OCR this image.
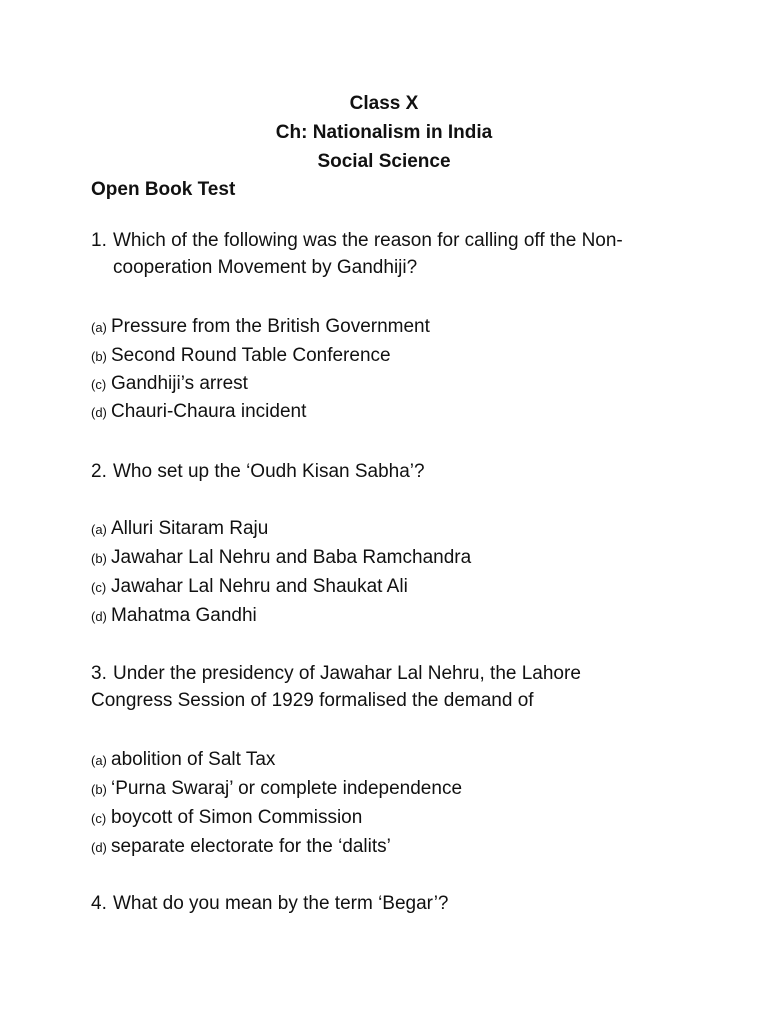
Class X
Ch: Nationalism in India
Social Science
Open Book Test
1. Which of the following was the reason for calling off the Non-
cooperation Movement by Gandhiji?
(a) Pressure from the British Government
(b) Second Round Table Conference
(c) Gandhiji’s arrest
(d) Chauri-Chaura incident
2. Who set up the ‘Oudh Kisan Sabha’?
(a) Alluri Sitaram Raju
(b) Jawahar Lal Nehru and Baba Ramchandra
(c) Jawahar Lal Nehru and Shaukat Ali
(d) Mahatma Gandhi
3. Under the presidency of Jawahar Lal Nehru, the Lahore
Congress Session of 1929 formalised the demand of
(a) abolition of Salt Tax
(b) ‘Purna Swaraj’ or complete independence
(c) boycott of Simon Commission
(d) separate electorate for the ‘dalits’
4. What do you mean by the term ‘Begar’?
